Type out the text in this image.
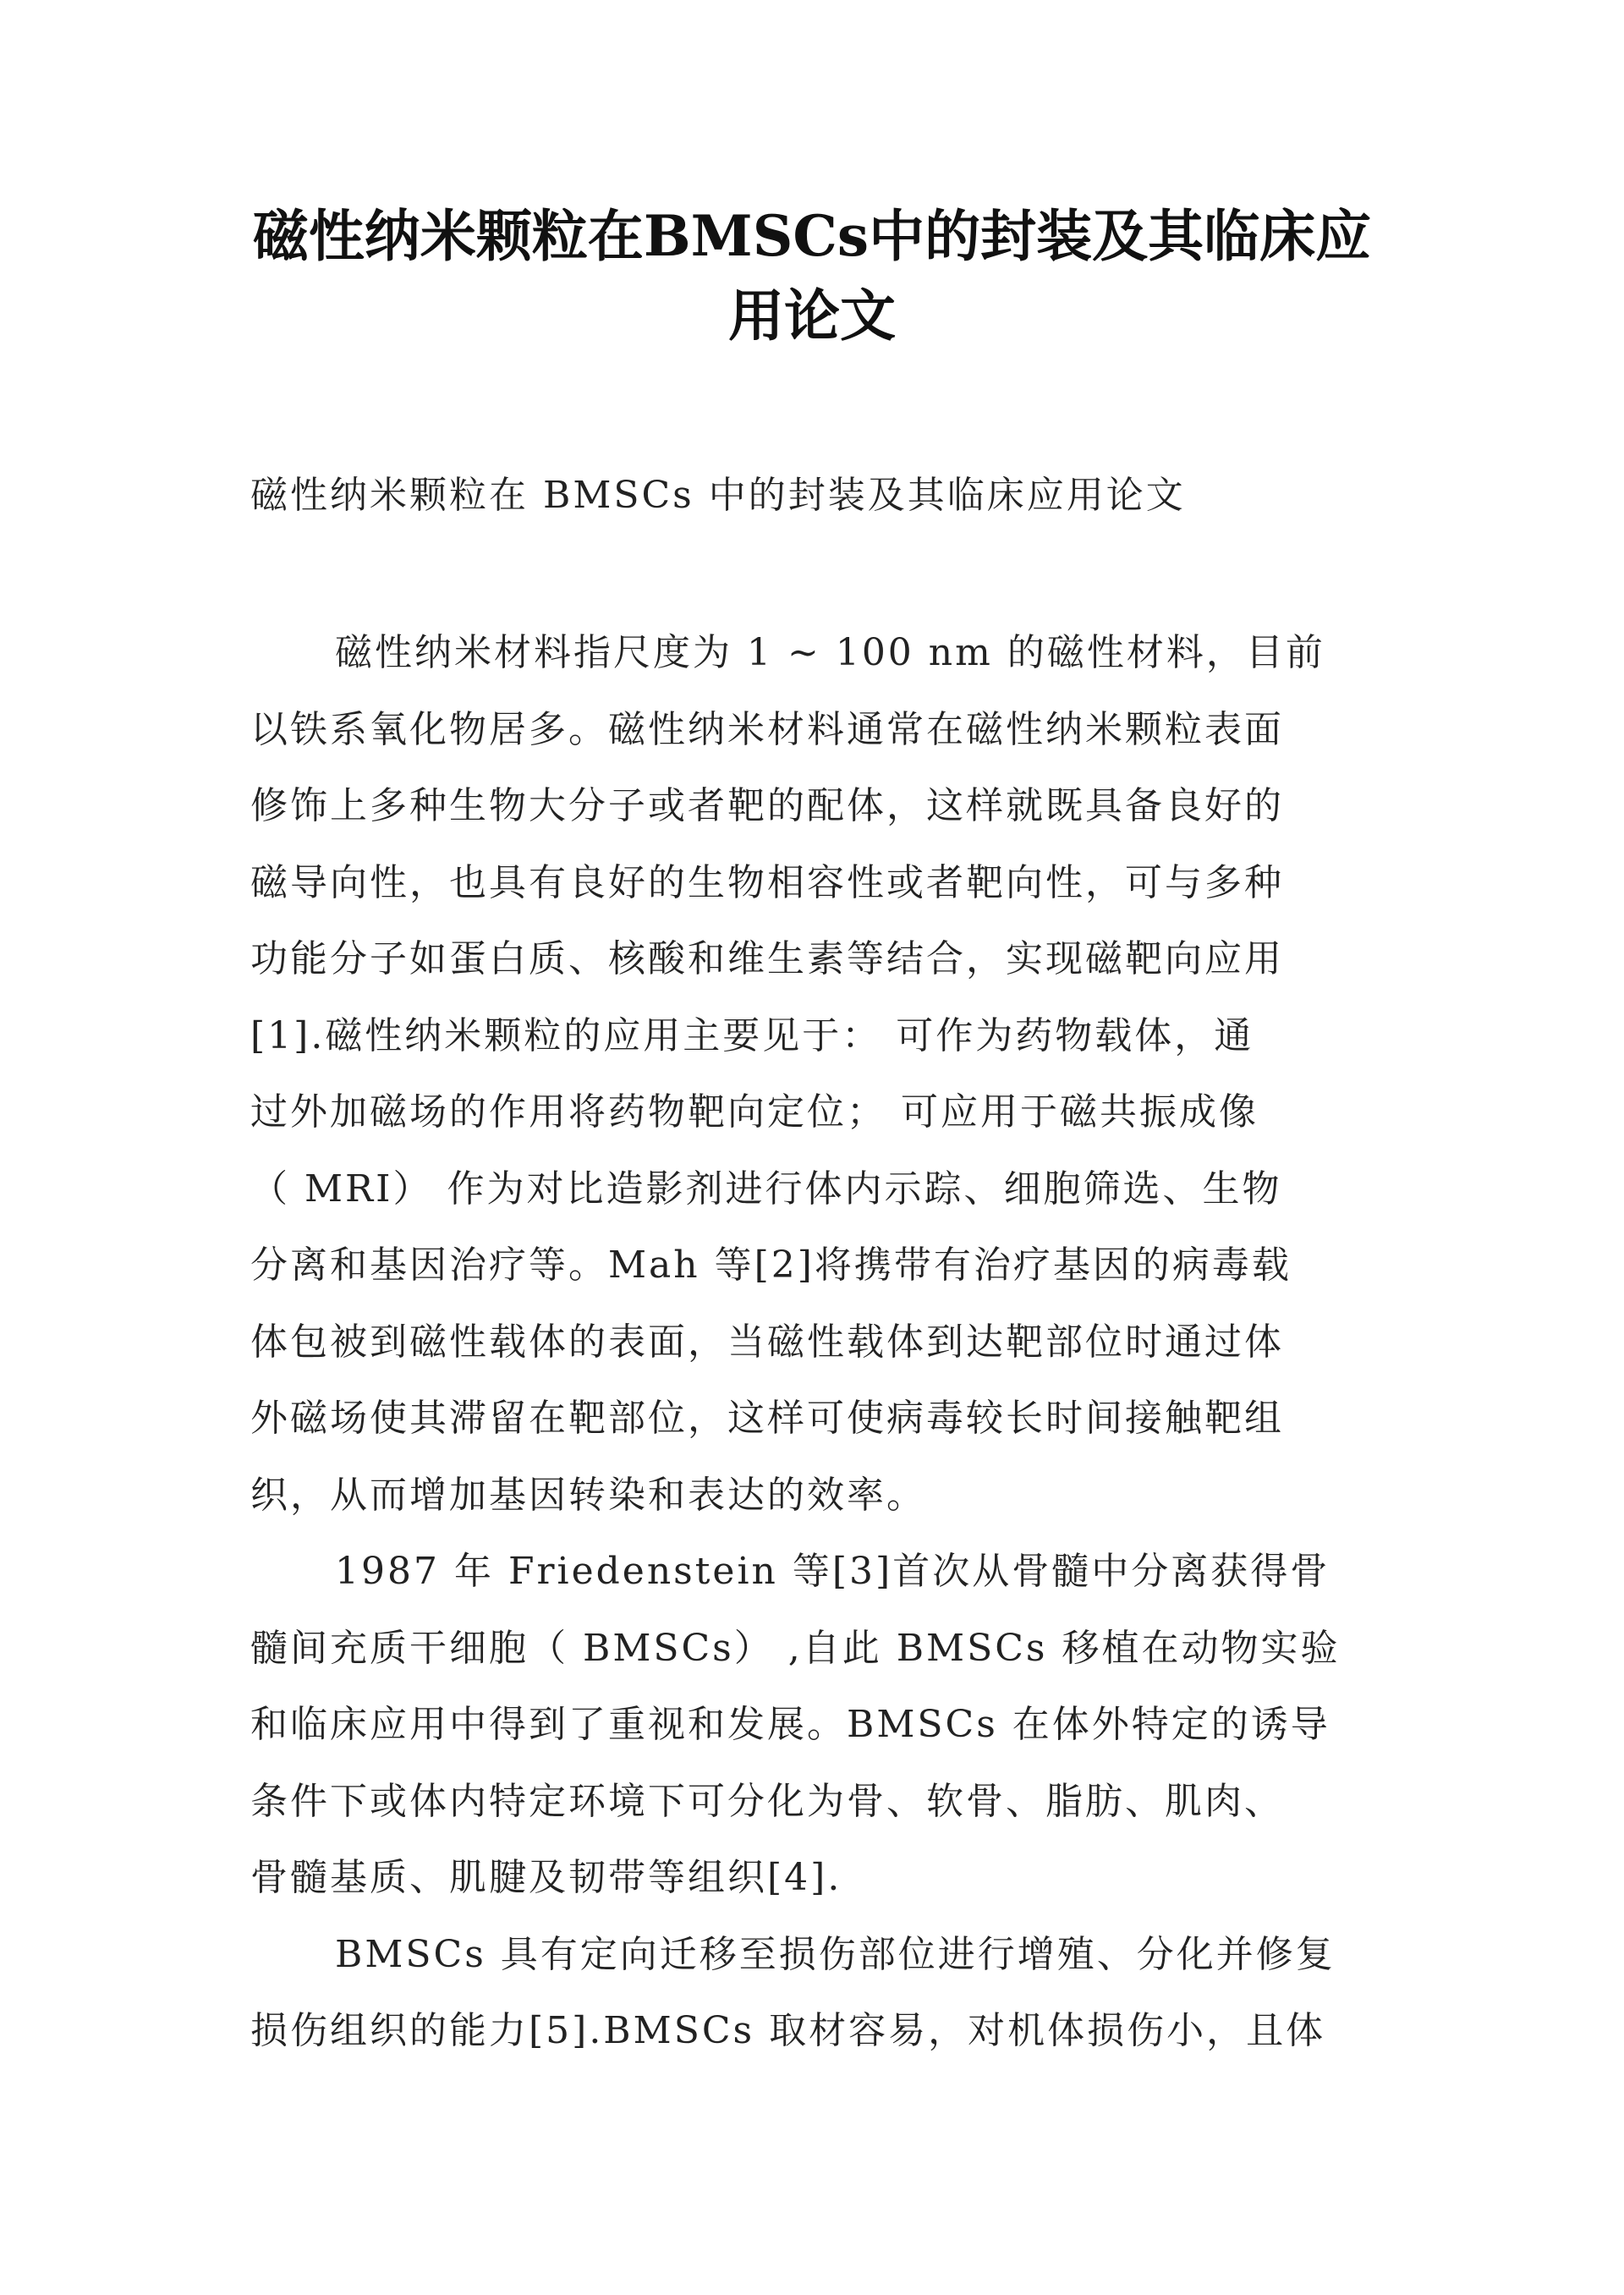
磁性纳米颗粒在BMSCs中的封装及其临床应
用论文

磁性纳米颗粒在 BMSCs 中的封装及其临床应用论文

磁性纳米材料指尺度为 1 ~ 100 nm 的磁性材料，目前
以铁系氧化物居多。磁性纳米材料通常在磁性纳米颗粒表面
修饰上多种生物大分子或者靶的配体，这样就既具备良好的
磁导向性，也具有良好的生物相容性或者靶向性，可与多种
功能分子如蛋白质、核酸和维生素等结合，实现磁靶向应用
[1].磁性纳米颗粒的应用主要见于： 可作为药物载体，通
过外加磁场的作用将药物靶向定位； 可应用于磁共振成像
（ MRI） 作为对比造影剂进行体内示踪、细胞筛选、生物
分离和基因治疗等。Mah 等[2]将携带有治疗基因的病毒载
体包被到磁性载体的表面，当磁性载体到达靶部位时通过体
外磁场使其滞留在靶部位，这样可使病毒较长时间接触靶组
织，从而增加基因转染和表达的效率。

1987 年 Friedenstein 等[3]首次从骨髓中分离获得骨
髓间充质干细胞（ BMSCs） ,自此 BMSCs 移植在动物实验
和临床应用中得到了重视和发展。BMSCs 在体外特定的诱导
条件下或体内特定环境下可分化为骨、软骨、脂肪、肌肉、
骨髓基质、肌腱及韧带等组织[4].

BMSCs 具有定向迁移至损伤部位进行增殖、分化并修复
损伤组织的能力[5].BMSCs 取材容易，对机体损伤小，且体
